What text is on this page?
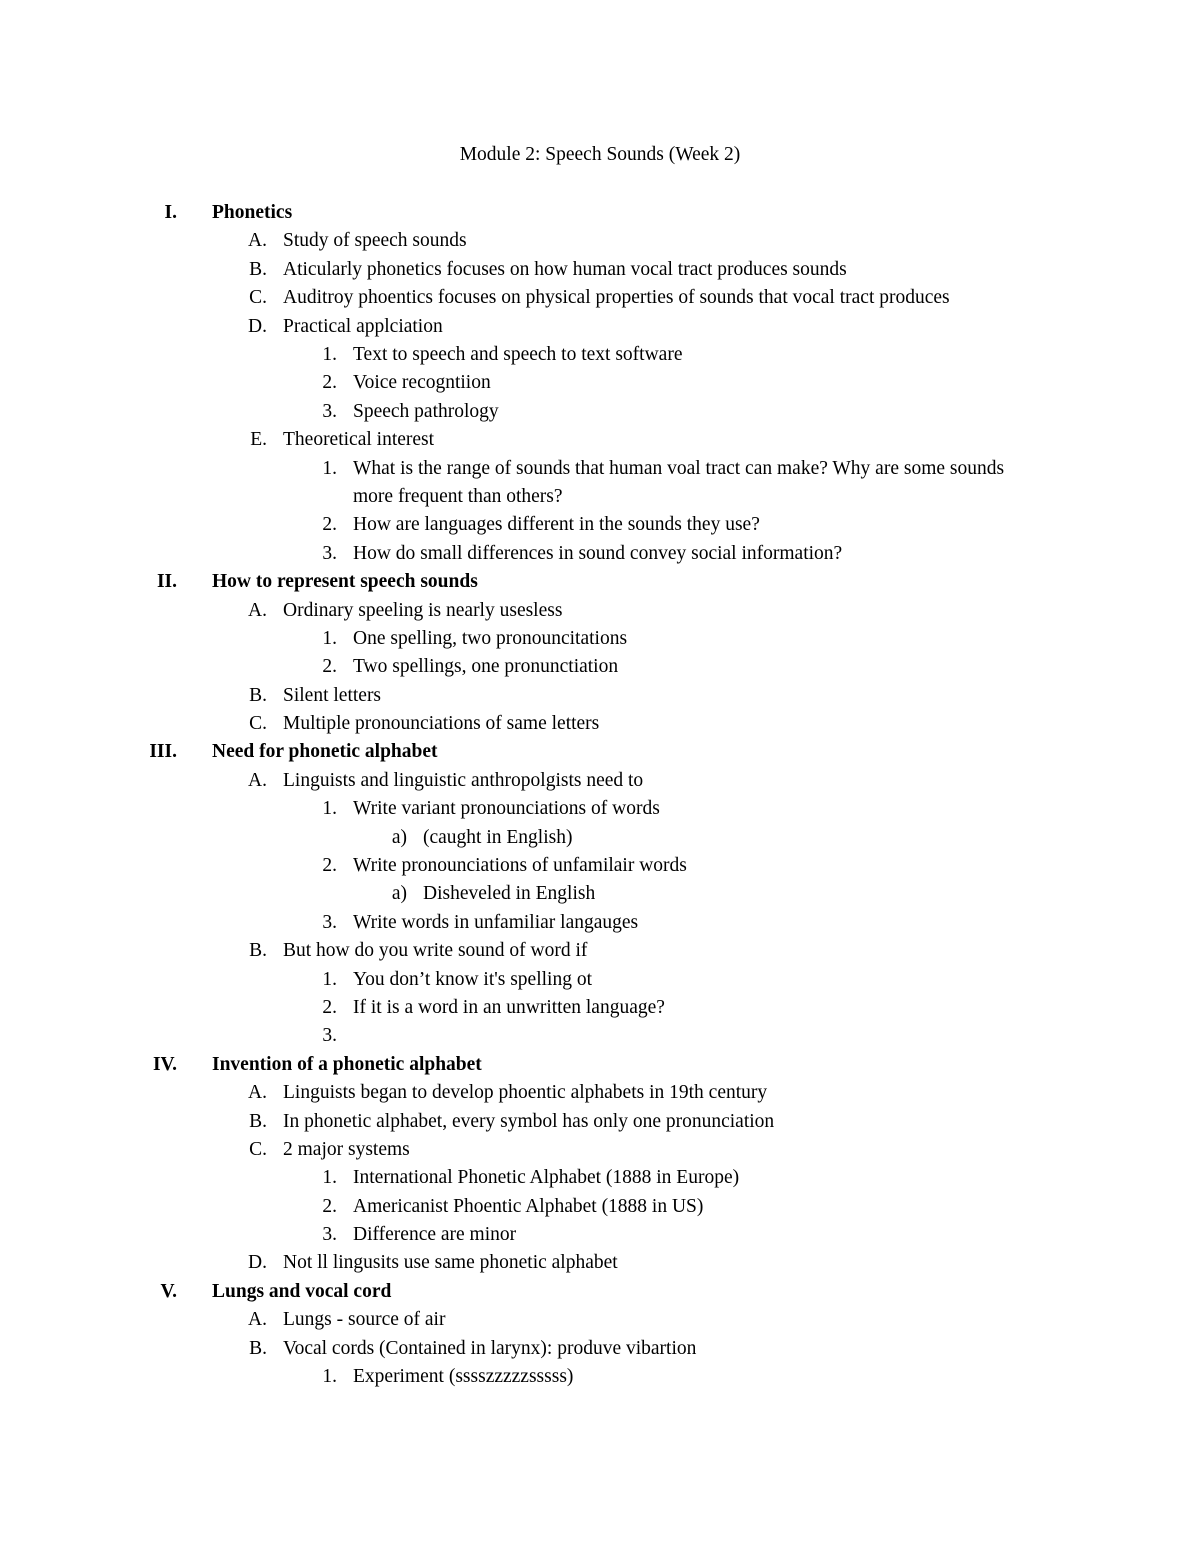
Module 2: Speech Sounds (Week 2)
I. Phonetics
A. Study of speech sounds
B. Aticularly phonetics focuses on how human vocal tract produces sounds
C. Auditroy phoentics focuses on physical properties of sounds that vocal tract produces
D. Practical applciation
1. Text to speech and speech to text software
2. Voice recogntiion
3. Speech pathrology
E. Theoretical interest
1. What is the range of sounds that human voal tract can make? Why are some sounds more frequent than others?
2. How are languages different in the sounds they use?
3. How do small differences in sound convey social information?
II. How to represent speech sounds
A. Ordinary speeling is nearly usesless
1. One spelling, two pronouncitations
2. Two spellings, one pronunctiation
B. Silent letters
C. Multiple pronounciations of same letters
III. Need for phonetic alphabet
A. Linguists and linguistic anthropolgists need to
1. Write variant pronounciations of words
a) (caught in English)
2. Write pronounciations of unfamilair words
a) Disheveled in English
3. Write words in unfamiliar langauges
B. But how do you write sound of word if
1. You don’t know it's spelling ot
2. If it is a word in an unwritten language?
3.
IV. Invention of a phonetic alphabet
A. Linguists began to develop phoentic alphabets in 19th century
B. In phonetic alphabet, every symbol has only one pronunciation
C. 2 major systems
1. International Phonetic Alphabet (1888 in Europe)
2. Americanist Phoentic Alphabet (1888 in US)
3. Difference are minor
D. Not ll lingusits use same phonetic alphabet
V. Lungs and vocal cord
A. Lungs - source of air
B. Vocal cords (Contained in larynx): produve vibartion
1. Experiment (sssszzzzzsssss)
